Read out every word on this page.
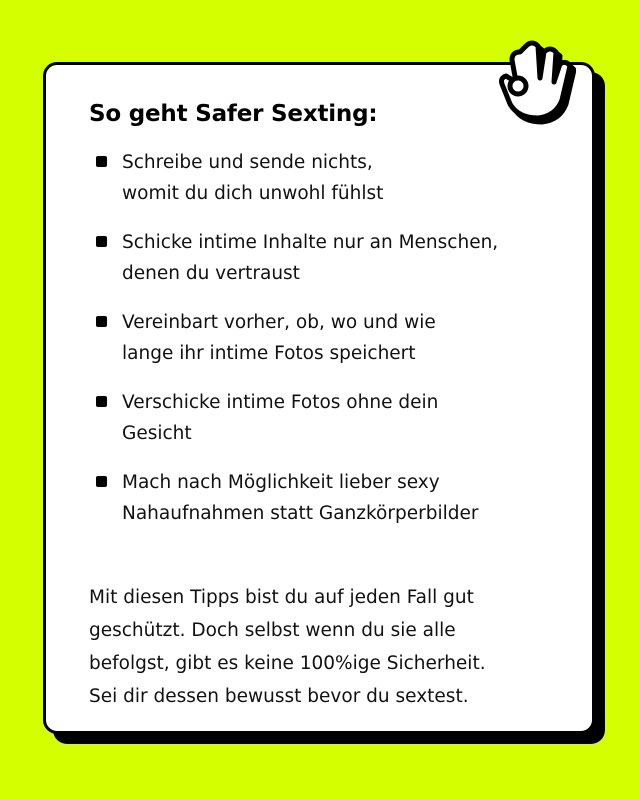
So geht Safer Sexting:
Schreibe und sende nichts,
womit du dich unwohl fühlst
Schicke intime Inhalte nur an Menschen,
denen du vertraust
Vereinbart vorher, ob, wo und wie
lange ihr intime Fotos speichert
Verschicke intime Fotos ohne dein
Gesicht
Mach nach Möglichkeit lieber sexy
Nahaufnahmen statt Ganzkörperbilder

Mit diesen Tipps bist du auf jeden Fall gut
geschützt. Doch selbst wenn du sie alle
befolgst, gibt es keine 100%ige Sicherheit.
Sei dir dessen bewusst bevor du sextest.
